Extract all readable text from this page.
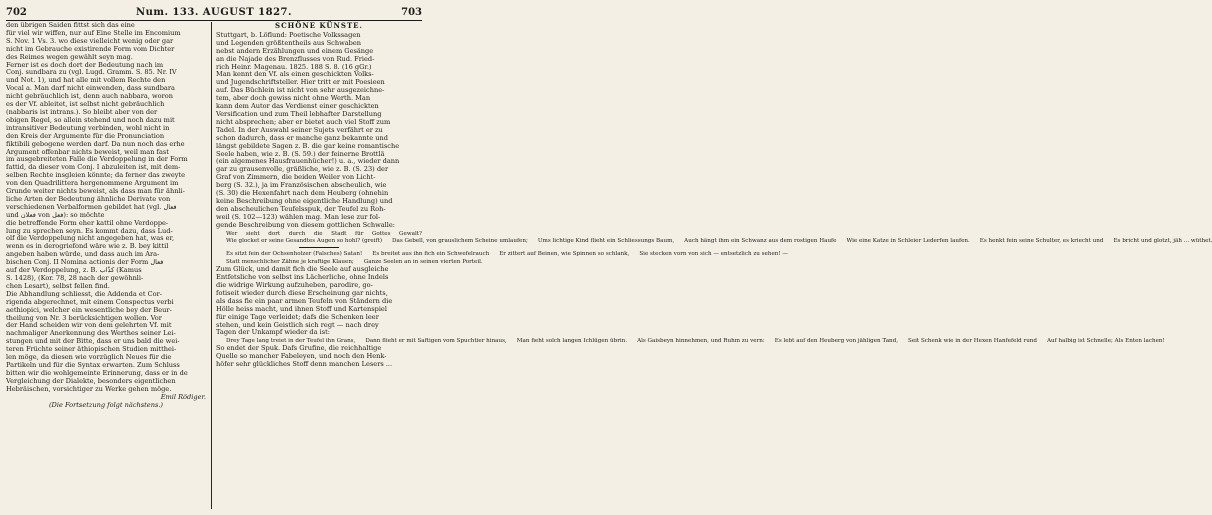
702	Num. 133. AUGUST 1827.	703
den übrigen Saiden fittst sich das eine
für viel wir wiffen, nur auf Eine Stelle im Encomium
S. Nov. 1 Vs. 3. wo diese vielleicht wenig oder gar
nicht im Gebrauche existirende Form vom Dichter
des Reimes wegen gewählt seyn mag.
Ferner ist es doch dort der Bedeutung nach im
Conj. sundbara zu (vgl. Lugd. Gramm. S. 85. Nr. IV
und Not. 1), und hat alle mit vollem Rechte den
Vocal a. Man darf nicht einwenden, dass sundbara
nicht gebräuchlich ist, denn auch nabbara, woron
es der Vf. ableitet, ist selbst nicht gebräuchlich
(nabbaris ist intrans.). So bleibt aber von der
obigen Regel, so allein stehend und noch dazu mit
intransitiver Bedeutung verbinden, wohl nicht in
den Kreis der Argumente für die Pronunciation
fiktibili gebogene werden darf. Da nun noch das erhe
Argument offenbar nichts beweist, weil man fast
im ausgebreiteten Falle die Verdoppelung in der Form
fattid, da dieser vom Conj. I abzuleiten ist, mit dem-
selben Rechte insgleien könnte; da ferner das zweyte
von den Quadrilittera hergenommene Argument im
Grunde weiter nichts beweist, als dass man für ähnli-
liche Arten der Bedeutung ähnliche Derivate von
verschiedenen Verbalformen gebildet hat (vgl. فعال
und فعلان von فعل): so möchte
die betreffende Form eher kattil ohne Verdoppe-
lung zu sprechen seyn. Es kommt dazu, dass Lud-
olf die Verdoppelung nicht angegeben hat, was er,
wenn es in derogriefond wäre wie z. B. bey kittil
angeben haben würde, und dass auch im Ara-
bischen Conj. II Nomina actionis der Form فعال
auf der Verdoppelung, z. B. كذّاب (Kamus
S. 1428), (Kor. 78, 28 nach der gewöhnli-
chen Lesart), selbst fellen find.
Die Abhandlung schliesst, die Addenda et Cor-
rigenda abgerechnet, mit einem Conspectus verbi
aethiopici, welcher ein wesentliche bey der Beur-
theilung von Nr. 3 berücksichtigen wollen. Vor
der Hand scheiden wir von dem gelehrten Vf. mit
nachmaliger Anerkennung des Werthes seiner Lei-
stungen und mit der Bitte, dass er uns bald die wei-
teren Früchte seiner äthiopischen Studien mitthei-
len möge, da diesen wie vorzüglich Neues für die
Partikeln und für die Syntax erwarten. Zum Schluss
bitten wir die wohlgemeinte Erinnerung, dass er in de
Vergleichung der Dialekte, besonders eigentlichen
Hebräischen, vorsichtiger zu Werke gehen möge.
Emil Rödiger.
(Die Fortsetzung folgt nächstens.)
SCHÖNE KÜNSTE.
Stuttgart, b. Löflund: Poetische Volkssagen
und Legenden größtentheils aus Schwaben
nebst andern Erzählungen und einem Gesänge
an die Najade des Brenzflusses von Rud. Fried-
rich Heinr. Magenau. 1825. 188 S. 8. (16 gGr.)
Man kennt den Vf. als einen geschickten Volks-
und Jugendschriftsteller. Hier tritt er mit Poesieen
auf. Das Büchlein ist nicht von sehr ausgezeichne-
tem, aber doch gewiss nicht ohne Werth. Man
kann dem Autor das Verdienst einer geschickten
Versification und zum Theil lebhafter Darstellung
nicht absprechen; aber er bietet auch viel Stoff zum
Tadel. In der Auswahl seiner Sujets verfährt er zu
schon dadurch, dass er manche ganz bekannte und
längst gebildete Sagen z. B. die gar keine romantische
Seele haben, wie z. B. (S. 59.) der feinerne Brottlä
(ein algemenes Hausfrauenhücher!) u. a., wieder dann
gar zu grausenvolle, gräßliche, wie z. B. (S. 23) der
Graf von Zimmern, die beiden Weiler von Licht-
berg (S. 32.), ja im Französischen abscheulich, wie
(S. 30) die Hexenfahrt nach dem Heuberg (ohnehin
keine Beschreibung ohne eigentliche Handlung) und
den abscheulichen Teufelsspuk, der Teufel zu Roh-
weil (S. 102—123) wählen mag. Man lese zur fol-
gende Beschreibung von diesem gottlichen Schwalle:
Wer sieht dort durch die Stadt für Gottes Gewalt?Wie glocket er seine Gesandtes Augen so hohl? (greift) Das Gebell, von grauslichem Scheine umlaufen; Ums lichtige Kind flieht ein Schliessungs Baum, Auch hängt ihm ein Schwanz aus dem rostigen Haufe Wie eine Katze in Schleier Lederfen laufen. Es henkt fein seine Schulter, es kriecht und Es bricht und glotzt, jäh ... wüthet.
Es sitzt fein der Ochsenholzer (Falsches) Satan! Es breitet aus ihn fich ein Schwefelrauch Er zittert auf Beinen, wie Spinnen so schlank, Sie stecken vorn von sich — entsetzlich zu sehen! —Statt menschlicher Zähne je kraftige Klauen; Ganze Seelen an in seinen vierten Porteil.
Zum Glück, und damit fich die Seele auf ausgleiche
Entfetsliche von selbst ins Lächerliche, ohne Indels
die widrige Wirkung aufzuheben, parodire, go-
fotiseit wieder durch diese Erscheinung gar nichts,
als dass fie ein paar armen Teufeln von Ständern die
Hölle heiss macht, und ihnen Stoff und Kartenspiel
für einige Tage verleidet; dafs die Schenken leer
stehen, und kein Geistlich sich regt — nach drey
Tagen der Unkampf wieder da ist:
Drey Tage lang treiet in der Teufel ihn Grans, Dann flieht er mit Saftigen vom Spuchtier hinaus, Man fieht solch langen Ichlügen übrin. Als Gaisbeyn hinnehmen, und Ruhm zu vern: Es lebt auf den Heuberg von jähligen Tand, Seit Schenk wie in der Hexen Hanfefeld rund Auf halbig ist Schnelle; Als Enten lachen!
So endet der Spuk. Dafs Grufine, die reichhaltige
Quelle so mancher Fabeleyen, und noch den Henk-
höfer sehr glückliches Stoff denn manchen Lesers ...
